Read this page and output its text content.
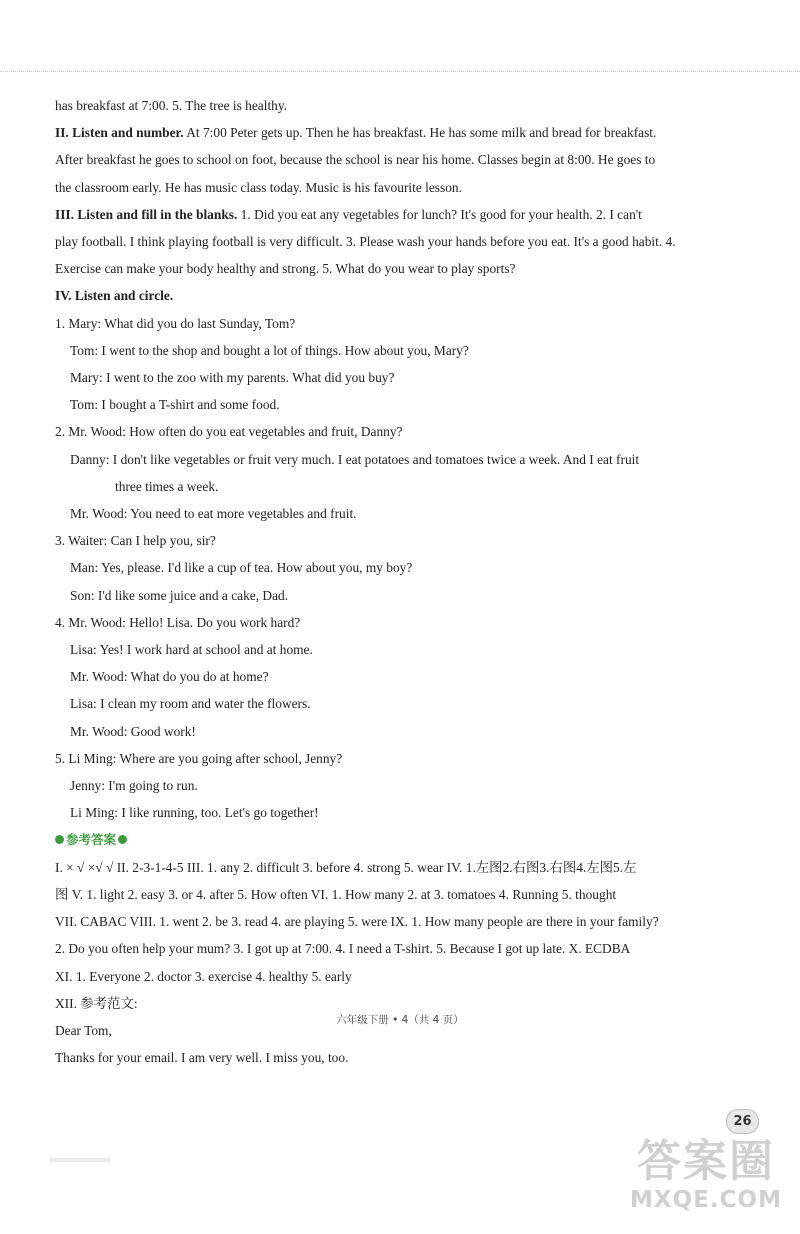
has breakfast at 7:00. 5. The tree is healthy.
II. Listen and number. At 7:00 Peter gets up. Then he has breakfast. He has some milk and bread for breakfast.
After breakfast he goes to school on foot, because the school is near his home. Classes begin at 8:00. He goes to
the classroom early. He has music class today. Music is his favourite lesson.
III. Listen and fill in the blanks. 1. Did you eat any vegetables for lunch? It's good for your health. 2. I can't
play football. I think playing football is very difficult. 3. Please wash your hands before you eat. It's a good habit. 4.
Exercise can make your body healthy and strong. 5. What do you wear to play sports?
IV. Listen and circle.
1. Mary: What did you do last Sunday, Tom?
Tom: I went to the shop and bought a lot of things. How about you, Mary?
Mary: I went to the zoo with my parents. What did you buy?
Tom: I bought a T-shirt and some food.
2. Mr. Wood: How often do you eat vegetables and fruit, Danny?
Danny: I don't like vegetables or fruit very much. I eat potatoes and tomatoes twice a week. And I eat fruit
three times a week.
Mr. Wood: You need to eat more vegetables and fruit.
3. Waiter: Can I help you, sir?
Man: Yes, please. I'd like a cup of tea. How about you, my boy?
Son: I'd like some juice and a cake, Dad.
4. Mr. Wood: Hello! Lisa. Do you work hard?
Lisa: Yes! I work hard at school and at home.
Mr. Wood: What do you do at home?
Lisa: I clean my room and water the flowers.
Mr. Wood: Good work!
5. Li Ming: Where are you going after school, Jenny?
Jenny: I'm going to run.
Li Ming: I like running, too. Let's go together!
参考答案
I. × √ ×√ √ II. 2-3-1-4-5 III. 1. any 2. difficult 3. before 4. strong 5. wear IV. 1.左图2.右图3.右图4.左图5.左
图 V. 1. light 2. easy 3. or 4. after 5. How often VI. 1. How many 2. at 3. tomatoes 4. Running 5. thought
VII. CABAC VIII. 1. went 2. be 3. read 4. are playing 5. were IX. 1. How many people are there in your family?
2. Do you often help your mum? 3. I got up at 7:00. 4. I need a T-shirt. 5. Because I got up late. X. ECDBA
XI. 1. Everyone 2. doctor 3. exercise 4. healthy 5. early
XII. 参考范文:
Dear Tom,
Thanks for your email. I am very well. I miss you, too.
六年级下册 • 4（共 4 页）
26
答案圈
MXQE.COM
